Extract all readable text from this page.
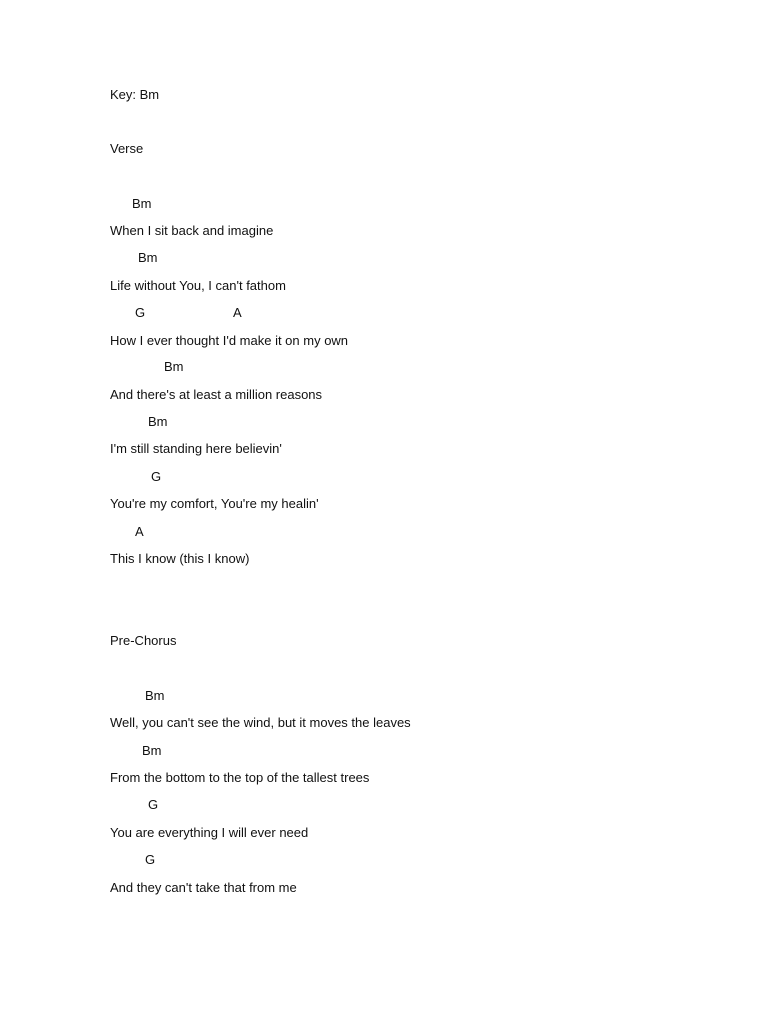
Key: Bm
Verse
Bm
When I sit back and imagine
Bm
Life without You, I can't fathom
G	A
How I ever thought I'd make it on my own
Bm
And there's at least a million reasons
Bm
I'm still standing here believin'
G
You're my comfort, You're my healin'
A
This I know (this I know)
Pre-Chorus
Bm
Well, you can't see the wind, but it moves the leaves
Bm
From the bottom to the top of the tallest trees
G
You are everything I will ever need
G
And they can't take that from me
